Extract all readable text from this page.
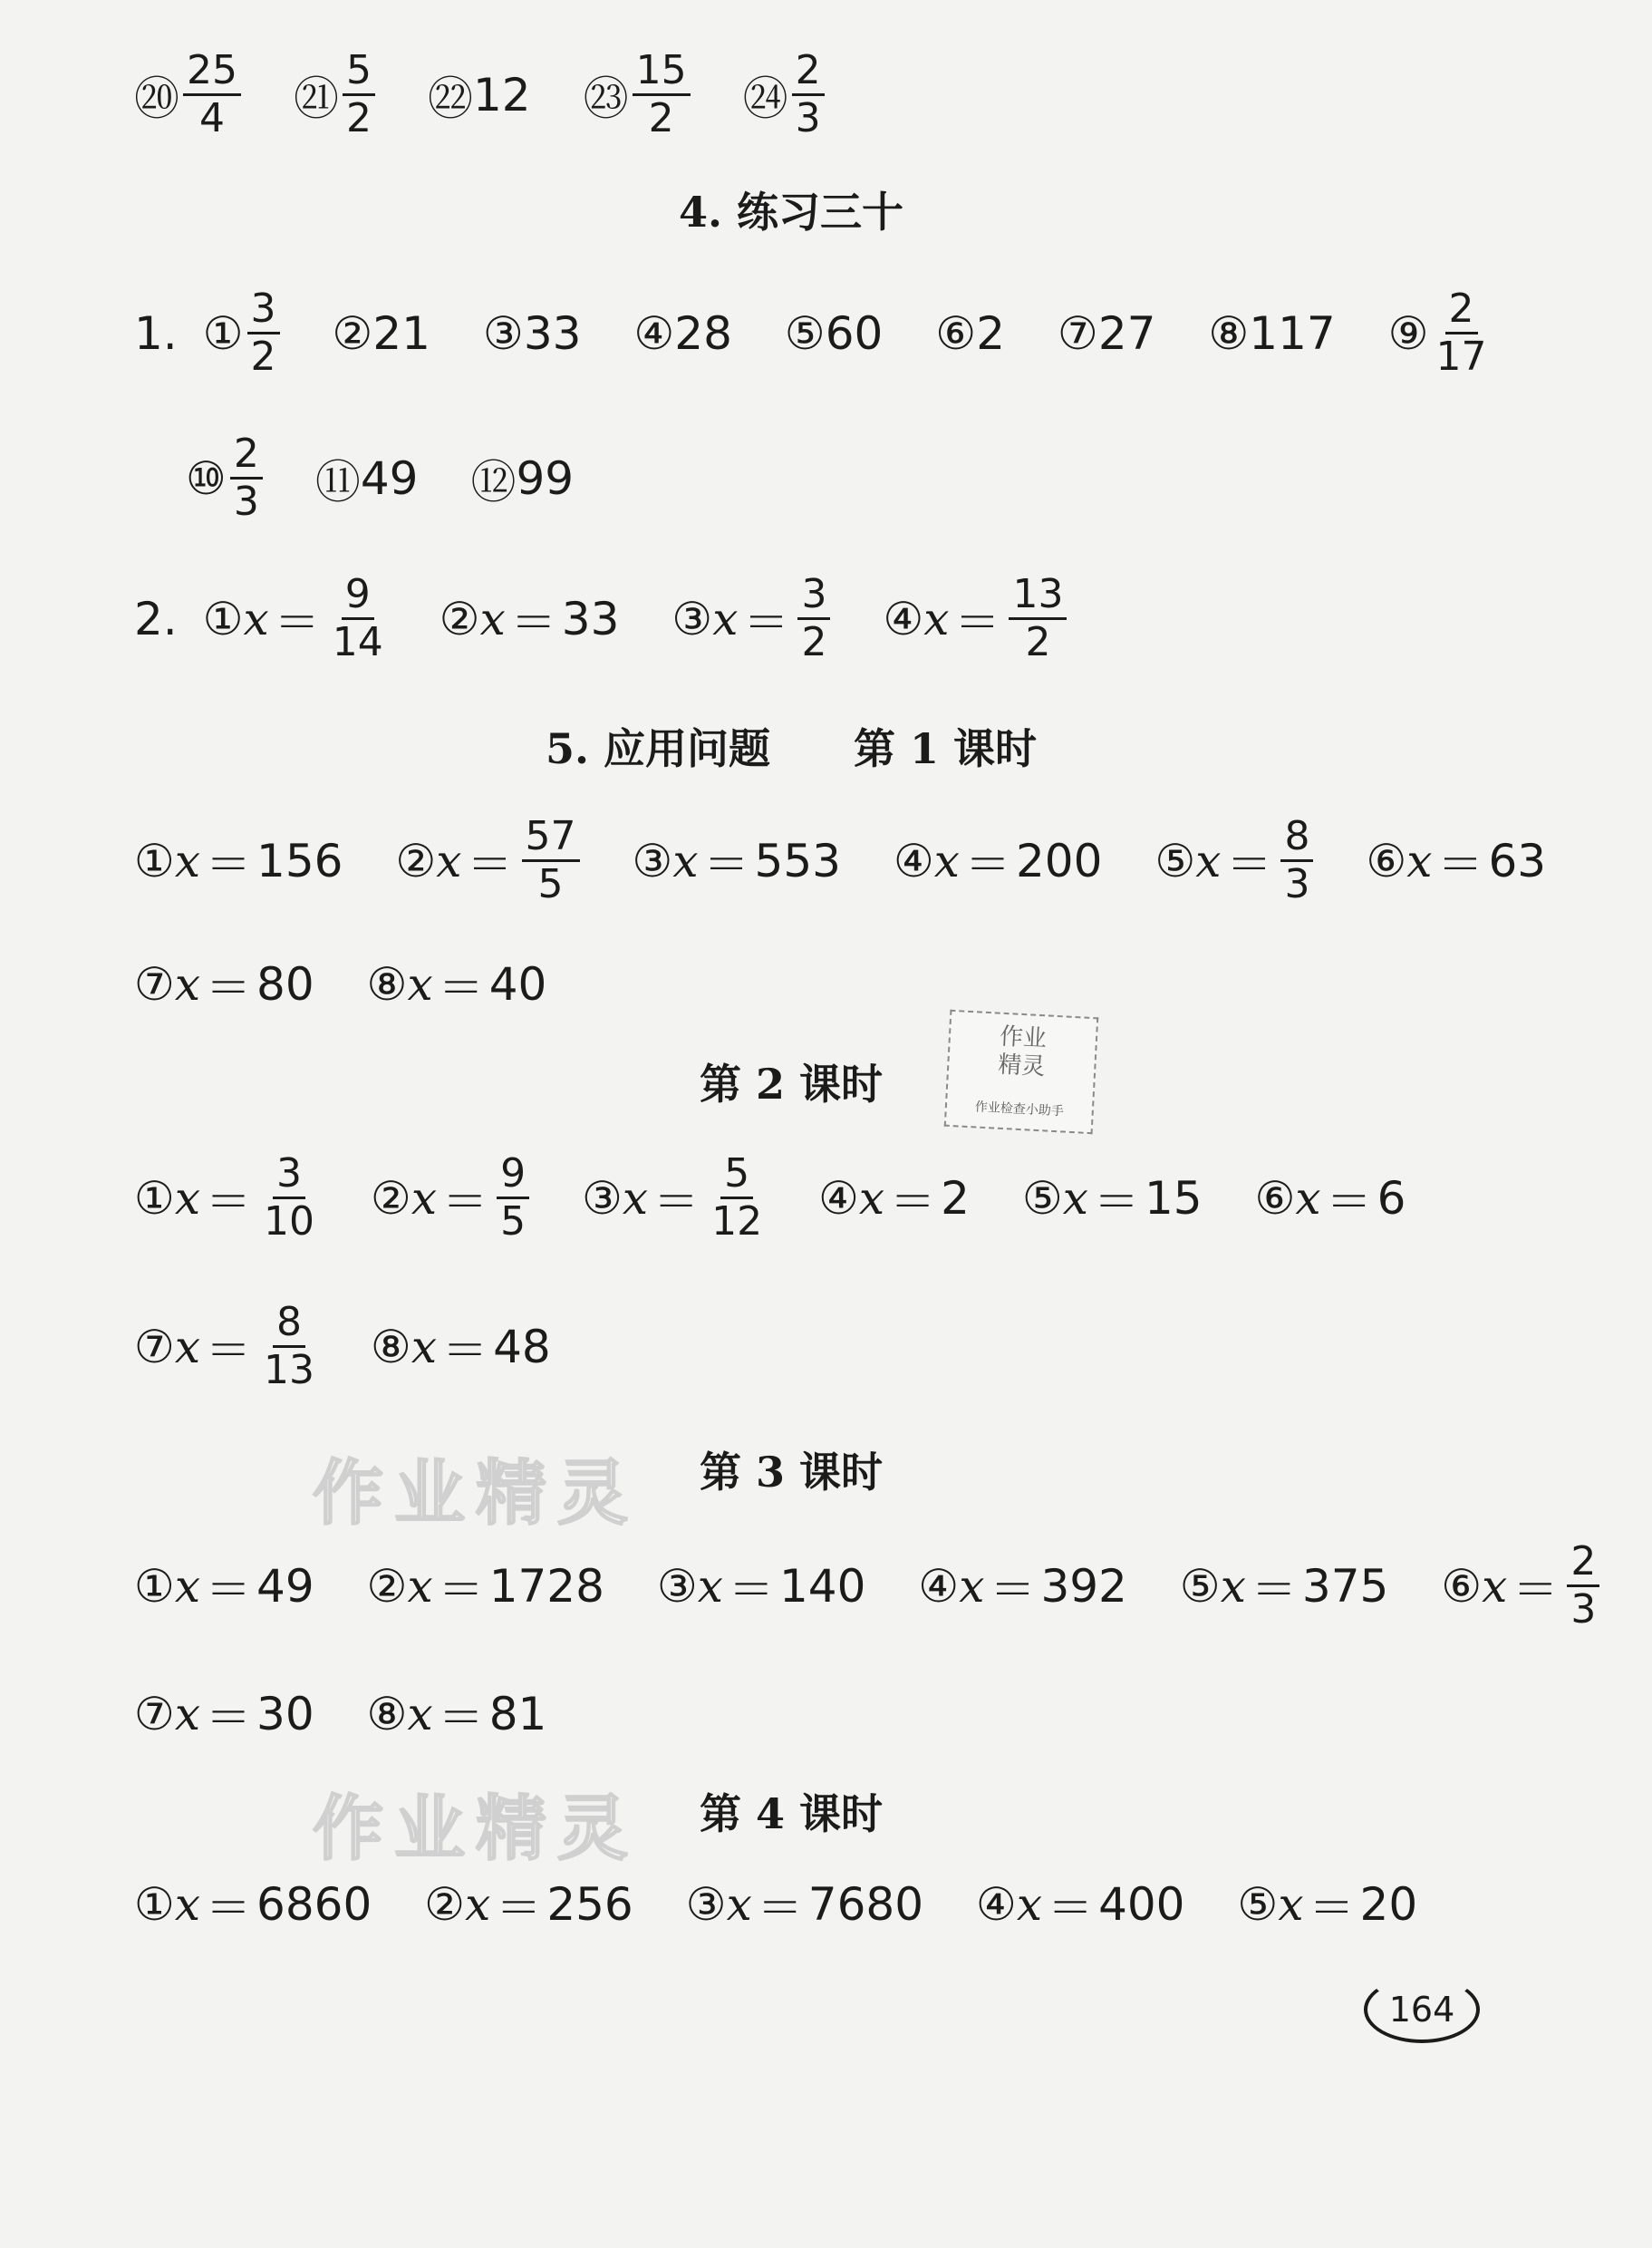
⑳ $\frac{25}{4}$ ㉑ $\frac{5}{2}$ ㉒ 12 ㉓ $\frac{15}{2}$ ㉔ $\frac{2}{3}$
4. 练习三十
1. ① $\frac{3}{2}$ ② 21 ③ 33 ④ 28 ⑤ 60 ⑥ 2 ⑦ 27 ⑧ 117 ⑨ $\frac{2}{17}$
⑩ $\frac{2}{3}$ ⑪ 49 ⑫ 99
2. ① $x = \frac{9}{14}$ ② x ＝ 33 ③ $x = \frac{3}{2}$ ④ $x = \frac{13}{2}$
5. 应用问题　　第 1 课时
① x ＝ 156 ② $x = \frac{57}{5}$ ③ x ＝ 553 ④ x ＝ 200 ⑤ $x = \frac{8}{3}$ ⑥ x ＝ 63
⑦ x ＝ 80 ⑧ x ＝ 40
第 2 课时
作业
精灵
作业检查小助手
① $x = \frac{3}{10}$ ② $x = \frac{9}{5}$ ③ $x = \frac{5}{12}$ ④ x ＝ 2 ⑤ x ＝ 15 ⑥ x ＝ 6
⑦ $x = \frac{8}{13}$ ⑧ x ＝ 48
作业精灵	第 3 课时
① x ＝ 49 ② x ＝ 1728 ③ x ＝ 140 ④ x ＝ 392 ⑤ x ＝ 375 ⑥ $x = \frac{2}{3}$
⑦ x ＝ 30 ⑧ x ＝ 81
作业精灵	第 4 课时
① x ＝ 6860 ② x ＝ 256 ③ x ＝ 7680 ④ x ＝ 400 ⑤ x ＝ 20
164
